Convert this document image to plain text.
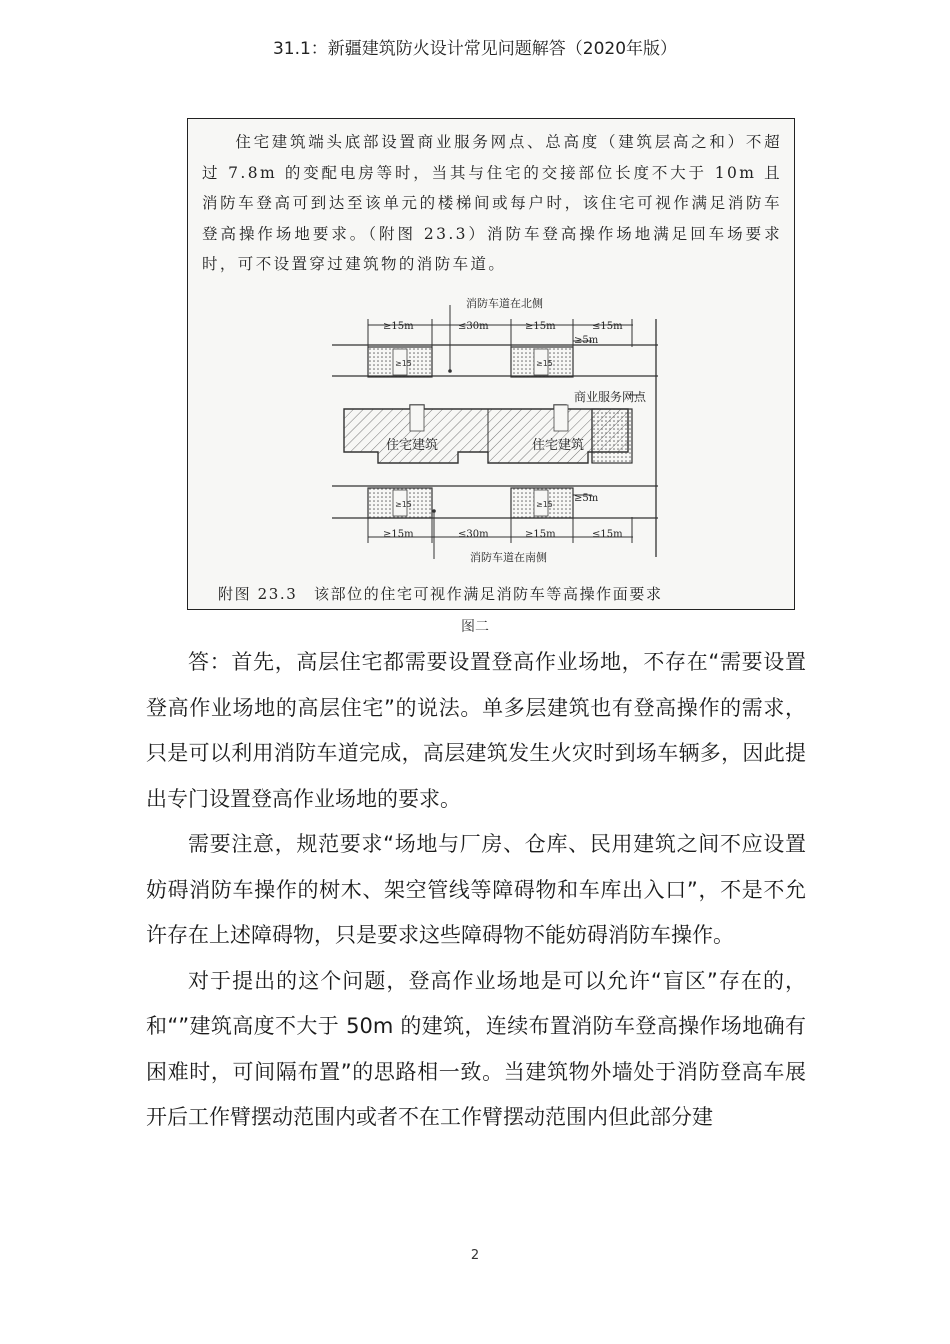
31.1：新疆建筑防火设计常见问题解答（2020年版）
住宅建筑端头底部设置商业服务网点、总高度（建筑层高之和）不超过 7.8m 的变配电房等时，当其与住宅的交接部位长度不大于 10m 且消防车登高可到达至该单元的楼梯间或每户时，该住宅可视作满足消防车登高操作场地要求。（附图 23.3）消防车登高操作场地满足回车场要求时，可不设置穿过建筑物的消防车道。
消防车道在北侧
≥15m	≤30m	≥15m	≤15m
≥5m
商业服务网点
住宅建筑	住宅建筑
≥5m
≥15m	≤30m	≥15m	≤15m
消防车道在南侧
≥15	≥15
≥15	≥15
附图 23.3　该部位的住宅可视作满足消防车等高操作面要求
图二

答：首先，高层住宅都需要设置登高作业场地，不存在“需要设置登高作业场地的高层住宅”的说法。单多层建筑也有登高操作的需求，只是可以利用消防车道完成，高层建筑发生火灾时到场车辆多，因此提出专门设置登高作业场地的要求。

需要注意，规范要求“场地与厂房、仓库、民用建筑之间不应设置妨碍消防车操作的树木、架空管线等障碍物和车库出入口”，不是不允许存在上述障碍物，只是要求这些障碍物不能妨碍消防车操作。

对于提出的这个问题，登高作业场地是可以允许“盲区”存在的，和“”建筑高度不大于 50m 的建筑，连续布置消防车登高操作场地确有困难时，可间隔布置”的思路相一致。当建筑物外墙处于消防登高车展开后工作臂摆动范围内或者不在工作臂摆动范围内但此部分建

2
